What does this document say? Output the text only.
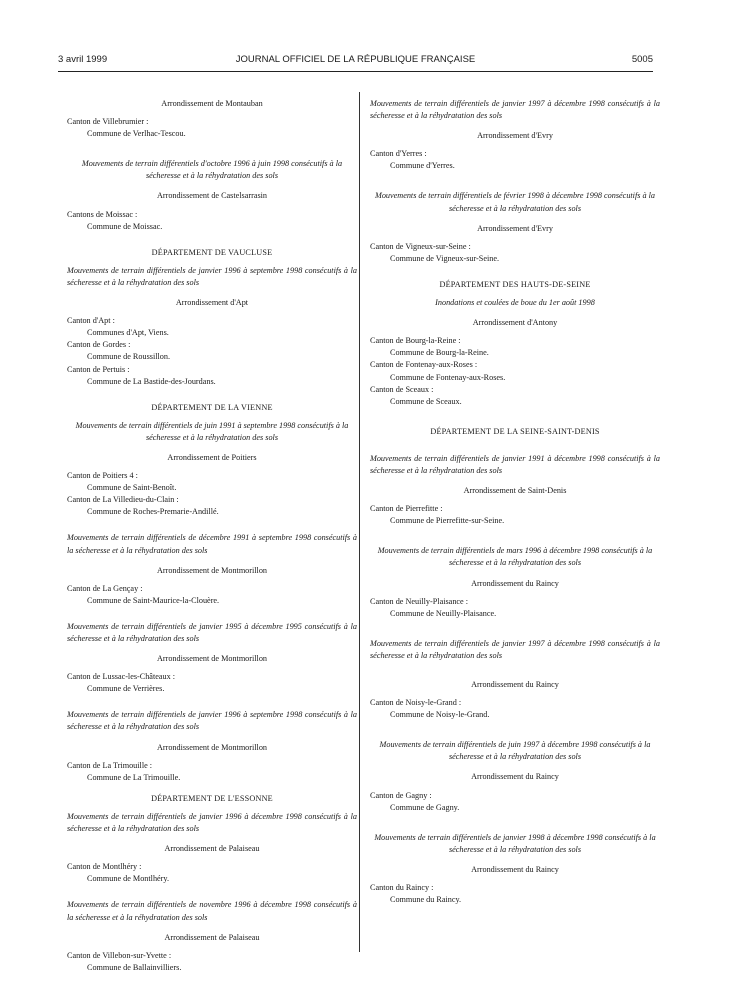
3 avril 1999	JOURNAL OFFICIEL DE LA RÉPUBLIQUE FRANÇAISE	5005

Arrondissement de Montauban

Canton de Villebrumier :

Commune de Verlhac-Tescou.

Mouvements de terrain différentiels d'octobre 1996 à juin 1998 consécutifs à la sécheresse et à la réhydratation des sols

Arrondissement de Castelsarrasin

Cantons de Moissac :

Commune de Moissac.

DÉPARTEMENT DE VAUCLUSE

Mouvements de terrain différentiels de janvier 1996 à septembre 1998 consécutifs à la sécheresse et à la réhydratation des sols

Arrondissement d'Apt

Canton d'Apt :

Communes d'Apt, Viens.

Canton de Gordes :

Commune de Roussillon.

Canton de Pertuis :

Commune de La Bastide-des-Jourdans.

DÉPARTEMENT DE LA VIENNE

Mouvements de terrain différentiels de juin 1991 à septembre 1998 consécutifs à la sécheresse et à la réhydratation des sols

Arrondissement de Poitiers

Canton de Poitiers 4 :

Commune de Saint-Benoît.

Canton de La Villedieu-du-Clain :

Commune de Roches-Premarie-Andillé.

Mouvements de terrain différentiels de décembre 1991 à septembre 1998 consécutifs à la sécheresse et à la réhydratation des sols

Arrondissement de Montmorillon

Canton de La Gençay :

Commune de Saint-Maurice-la-Clouère.

Mouvements de terrain différentiels de janvier 1995 à décembre 1995 consécutifs à la sécheresse et à la réhydratation des sols

Arrondissement de Montmorillon

Canton de Lussac-les-Châteaux :

Commune de Verrières.

Mouvements de terrain différentiels de janvier 1996 à septembre 1998 consécutifs à la sécheresse et à la réhydratation des sols

Arrondissement de Montmorillon

Canton de La Trimouille :

Commune de La Trimouille.

DÉPARTEMENT DE L'ESSONNE

Mouvements de terrain différentiels de janvier 1996 à décembre 1998 consécutifs à la sécheresse et à la réhydratation des sols

Arrondissement de Palaiseau

Canton de Montlhéry :

Commune de Montlhéry.

Mouvements de terrain différentiels de novembre 1996 à décembre 1998 consécutifs à la sécheresse et à la réhydratation des sols

Arrondissement de Palaiseau

Canton de Villebon-sur-Yvette :

Commune de Ballainvilliers.

Mouvements de terrain différentiels de janvier 1997 à décembre 1998 consécutifs à la sécheresse et à la réhydratation des sols

Arrondissement d'Evry

Canton d'Yerres :

Commune d'Yerres.

Mouvements de terrain différentiels de février 1998 à décembre 1998 consécutifs à la sécheresse et à la réhydratation des sols

Arrondissement d'Evry

Canton de Vigneux-sur-Seine :

Commune de Vigneux-sur-Seine.

DÉPARTEMENT DES HAUTS-DE-SEINE

Inondations et coulées de boue du 1er août 1998

Arrondissement d'Antony

Canton de Bourg-la-Reine :

Commune de Bourg-la-Reine.

Canton de Fontenay-aux-Roses :

Commune de Fontenay-aux-Roses.

Canton de Sceaux :

Commune de Sceaux.

DÉPARTEMENT DE LA SEINE-SAINT-DENIS

Mouvements de terrain différentiels de janvier 1991 à décembre 1998 consécutifs à la sécheresse et à la réhydratation des sols

Arrondissement de Saint-Denis

Canton de Pierrefitte :

Commune de Pierrefitte-sur-Seine.

Mouvements de terrain différentiels de mars 1996 à décembre 1998 consécutifs à la sécheresse et à la réhydratation des sols

Arrondissement du Raincy

Canton de Neuilly-Plaisance :

Commune de Neuilly-Plaisance.

Mouvements de terrain différentiels de janvier 1997 à décembre 1998 consécutifs à la sécheresse et à la réhydratation des sols

Arrondissement du Raincy

Canton de Noisy-le-Grand :

Commune de Noisy-le-Grand.

Mouvements de terrain différentiels de juin 1997 à décembre 1998 consécutifs à la sécheresse et à la réhydratation des sols

Arrondissement du Raincy

Canton de Gagny :

Commune de Gagny.

Mouvements de terrain différentiels de janvier 1998 à décembre 1998 consécutifs à la sécheresse et à la réhydratation des sols

Arrondissement du Raincy

Canton du Raincy :

Commune du Raincy.
